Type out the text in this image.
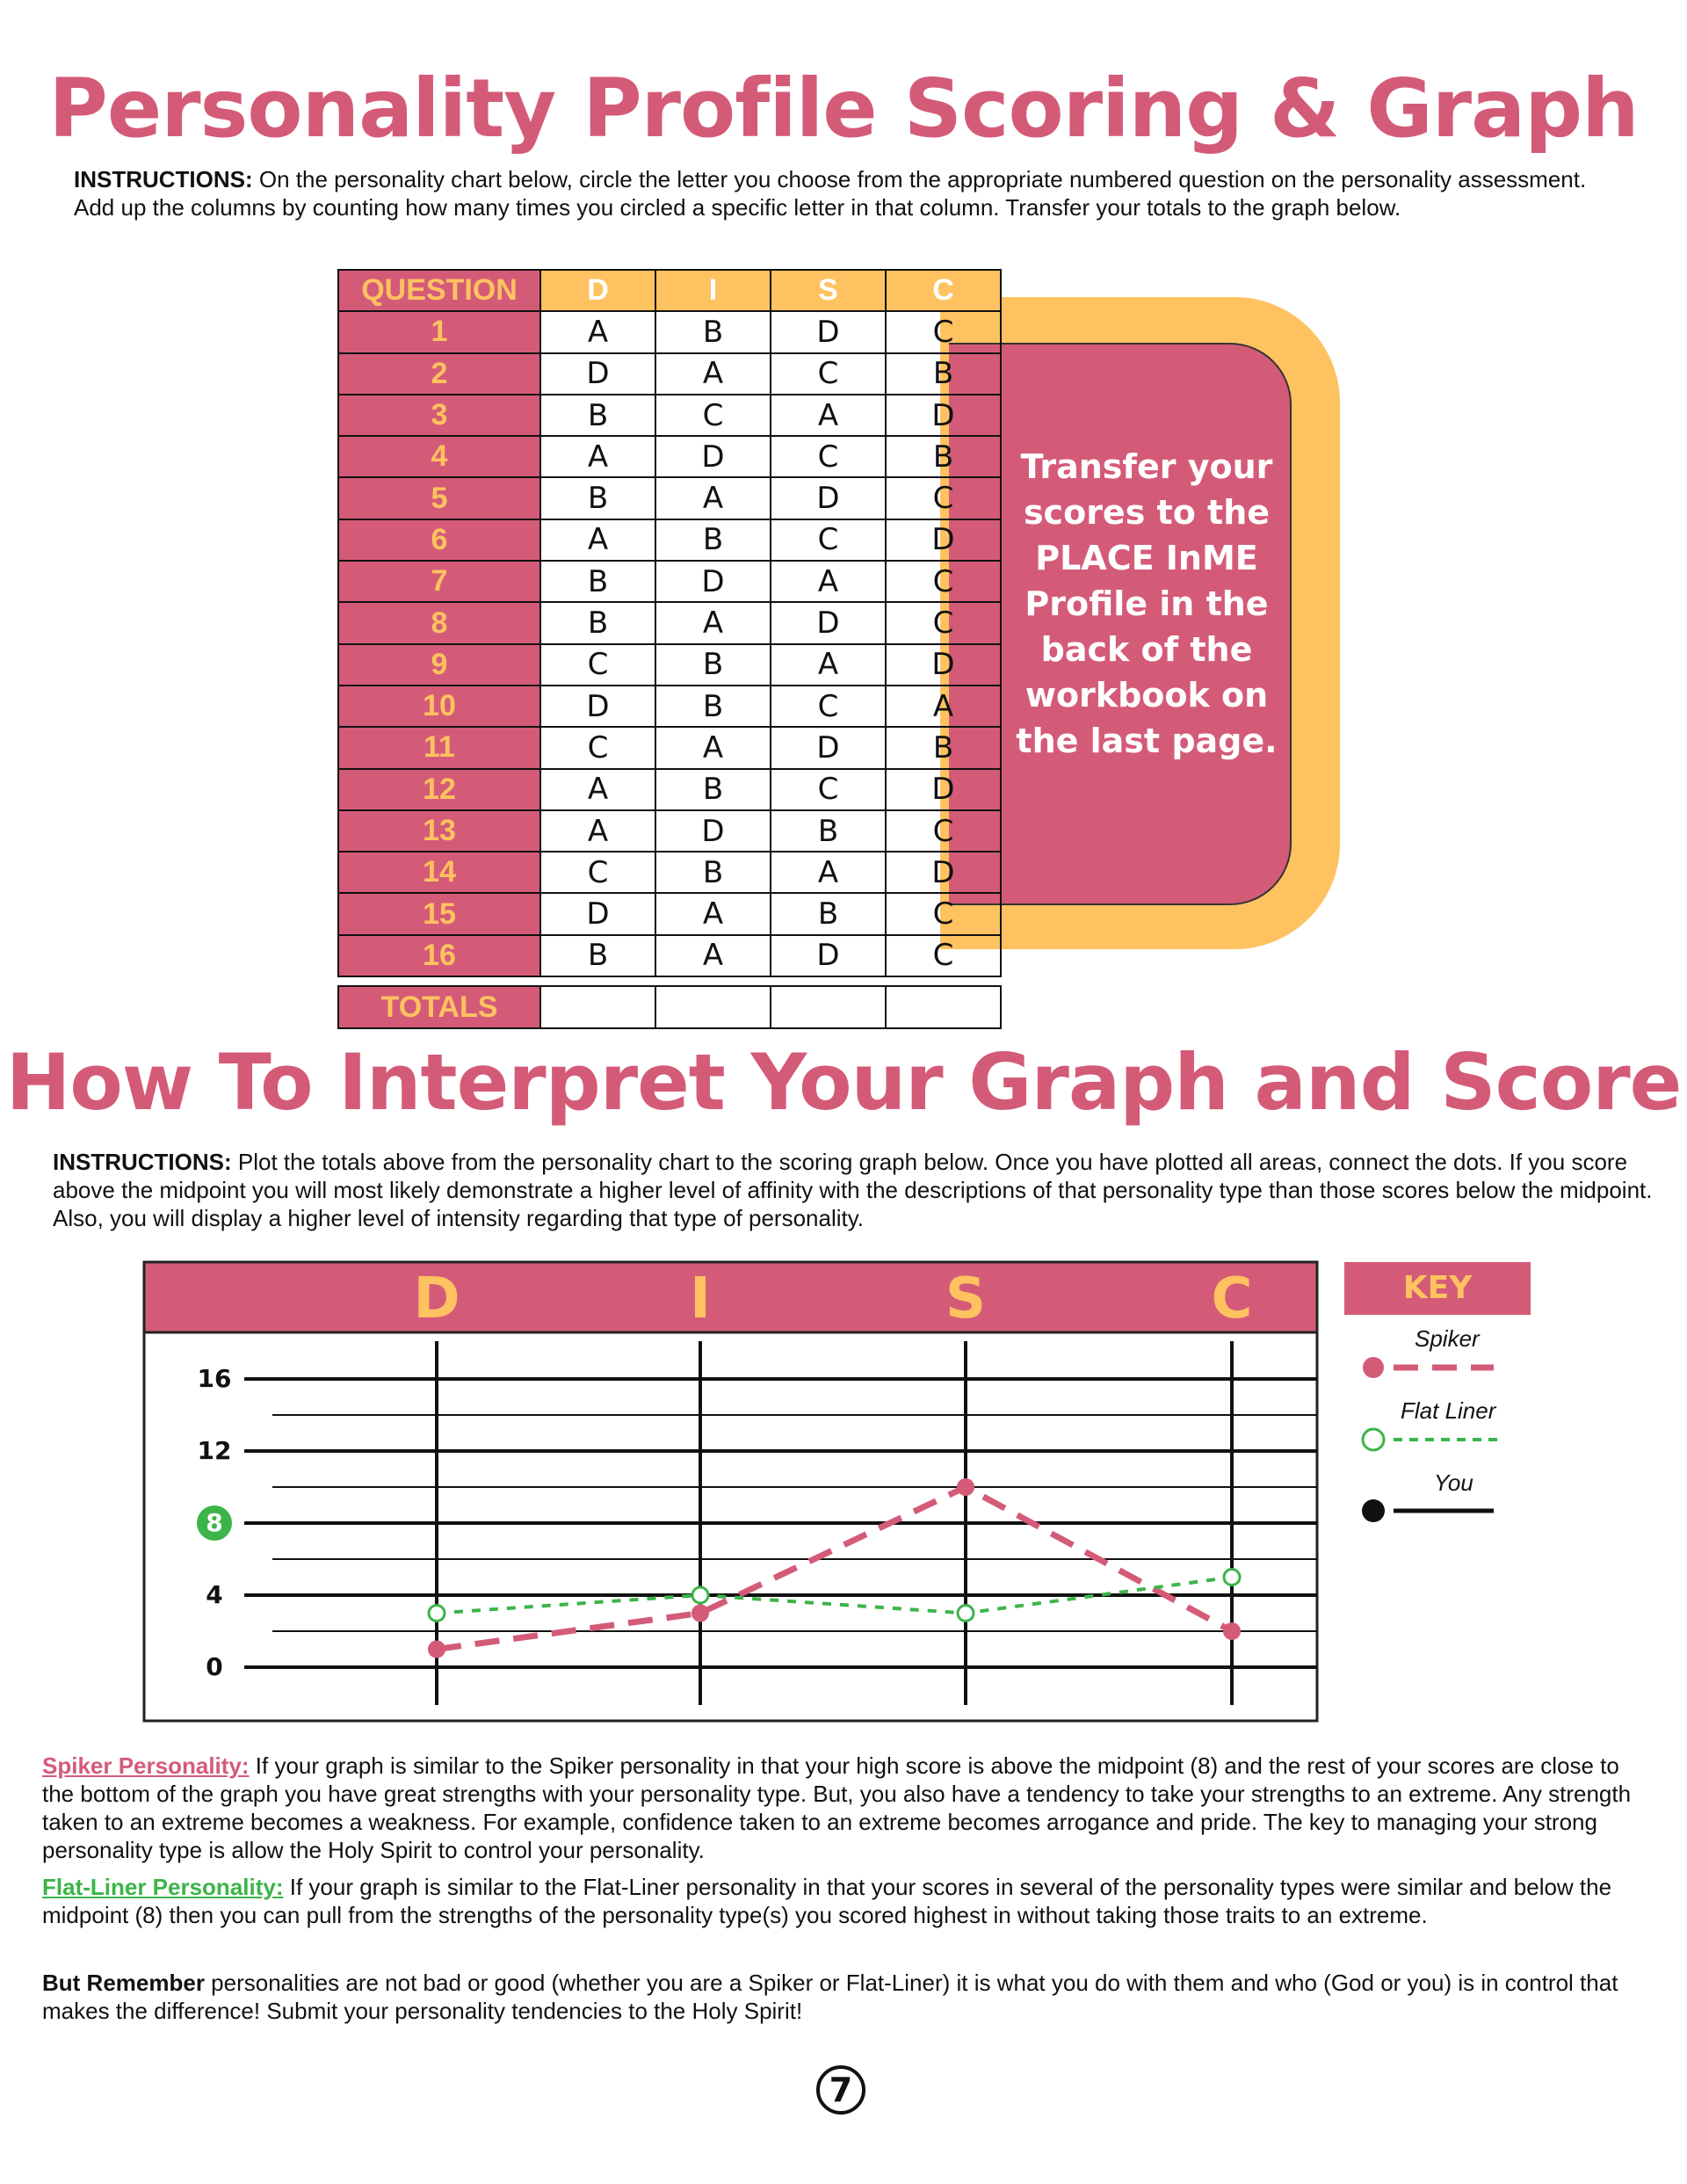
Personality Profile Scoring & Graph
INSTRUCTIONS: On the personality chart below, circle the letter you choose from the appropriate numbered question on the personality assessment. Add up the columns by counting how many times you circled a specific letter in that column. Transfer your totals to the graph below.
Transfer your scores to the PLACE InME Profile in the back of the workbook on the last page.
QUESTION	D	I	S	C
1	A	B	D	C
2	D	A	C	B
3	B	C	A	D
4	A	D	C	B
5	B	A	D	C
6	A	B	C	D
7	B	D	A	C
8	B	A	D	C
9	C	B	A	D
10	D	B	C	A
11	C	A	D	B
12	A	B	C	D
13	A	D	B	C
14	C	B	A	D
15	D	A	B	C
16	B	A	D	C
TOTALS				
How To Interpret Your Graph and Score
INSTRUCTIONS: Plot the totals above from the personality chart to the scoring graph below. Once you have plotted all areas, connect the dots. If you score above the midpoint you will most likely demonstrate a higher level of affinity with the descriptions of that personality type than those scores below the midpoint. Also, you will display a higher level of intensity regarding that type of personality.
D	I	S	C
16
12
8
4
0
KEY
Spiker
Flat Liner
You
Spiker Personality: If your graph is similar to the Spiker personality in that your high score is above the midpoint (8) and the rest of your scores are close to the bottom of the graph you have great strengths with your personality type. But, you also have a tendency to take your strengths to an extreme. Any strength taken to an extreme becomes a weakness. For example, confidence taken to an extreme becomes arrogance and pride. The key to managing your strong personality type is allow the Holy Spirit to control your personality.
Flat-Liner Personality: If your graph is similar to the Flat-Liner personality in that your scores in several of the personality types were similar and below the midpoint (8) then you can pull from the strengths of the personality type(s) you scored highest in without taking those traits to an extreme.
But Remember personalities are not bad or good (whether you are a Spiker or Flat-Liner) it is what you do with them and who (God or you) is in control that makes the difference! Submit your personality tendencies to the Holy Spirit!
7
